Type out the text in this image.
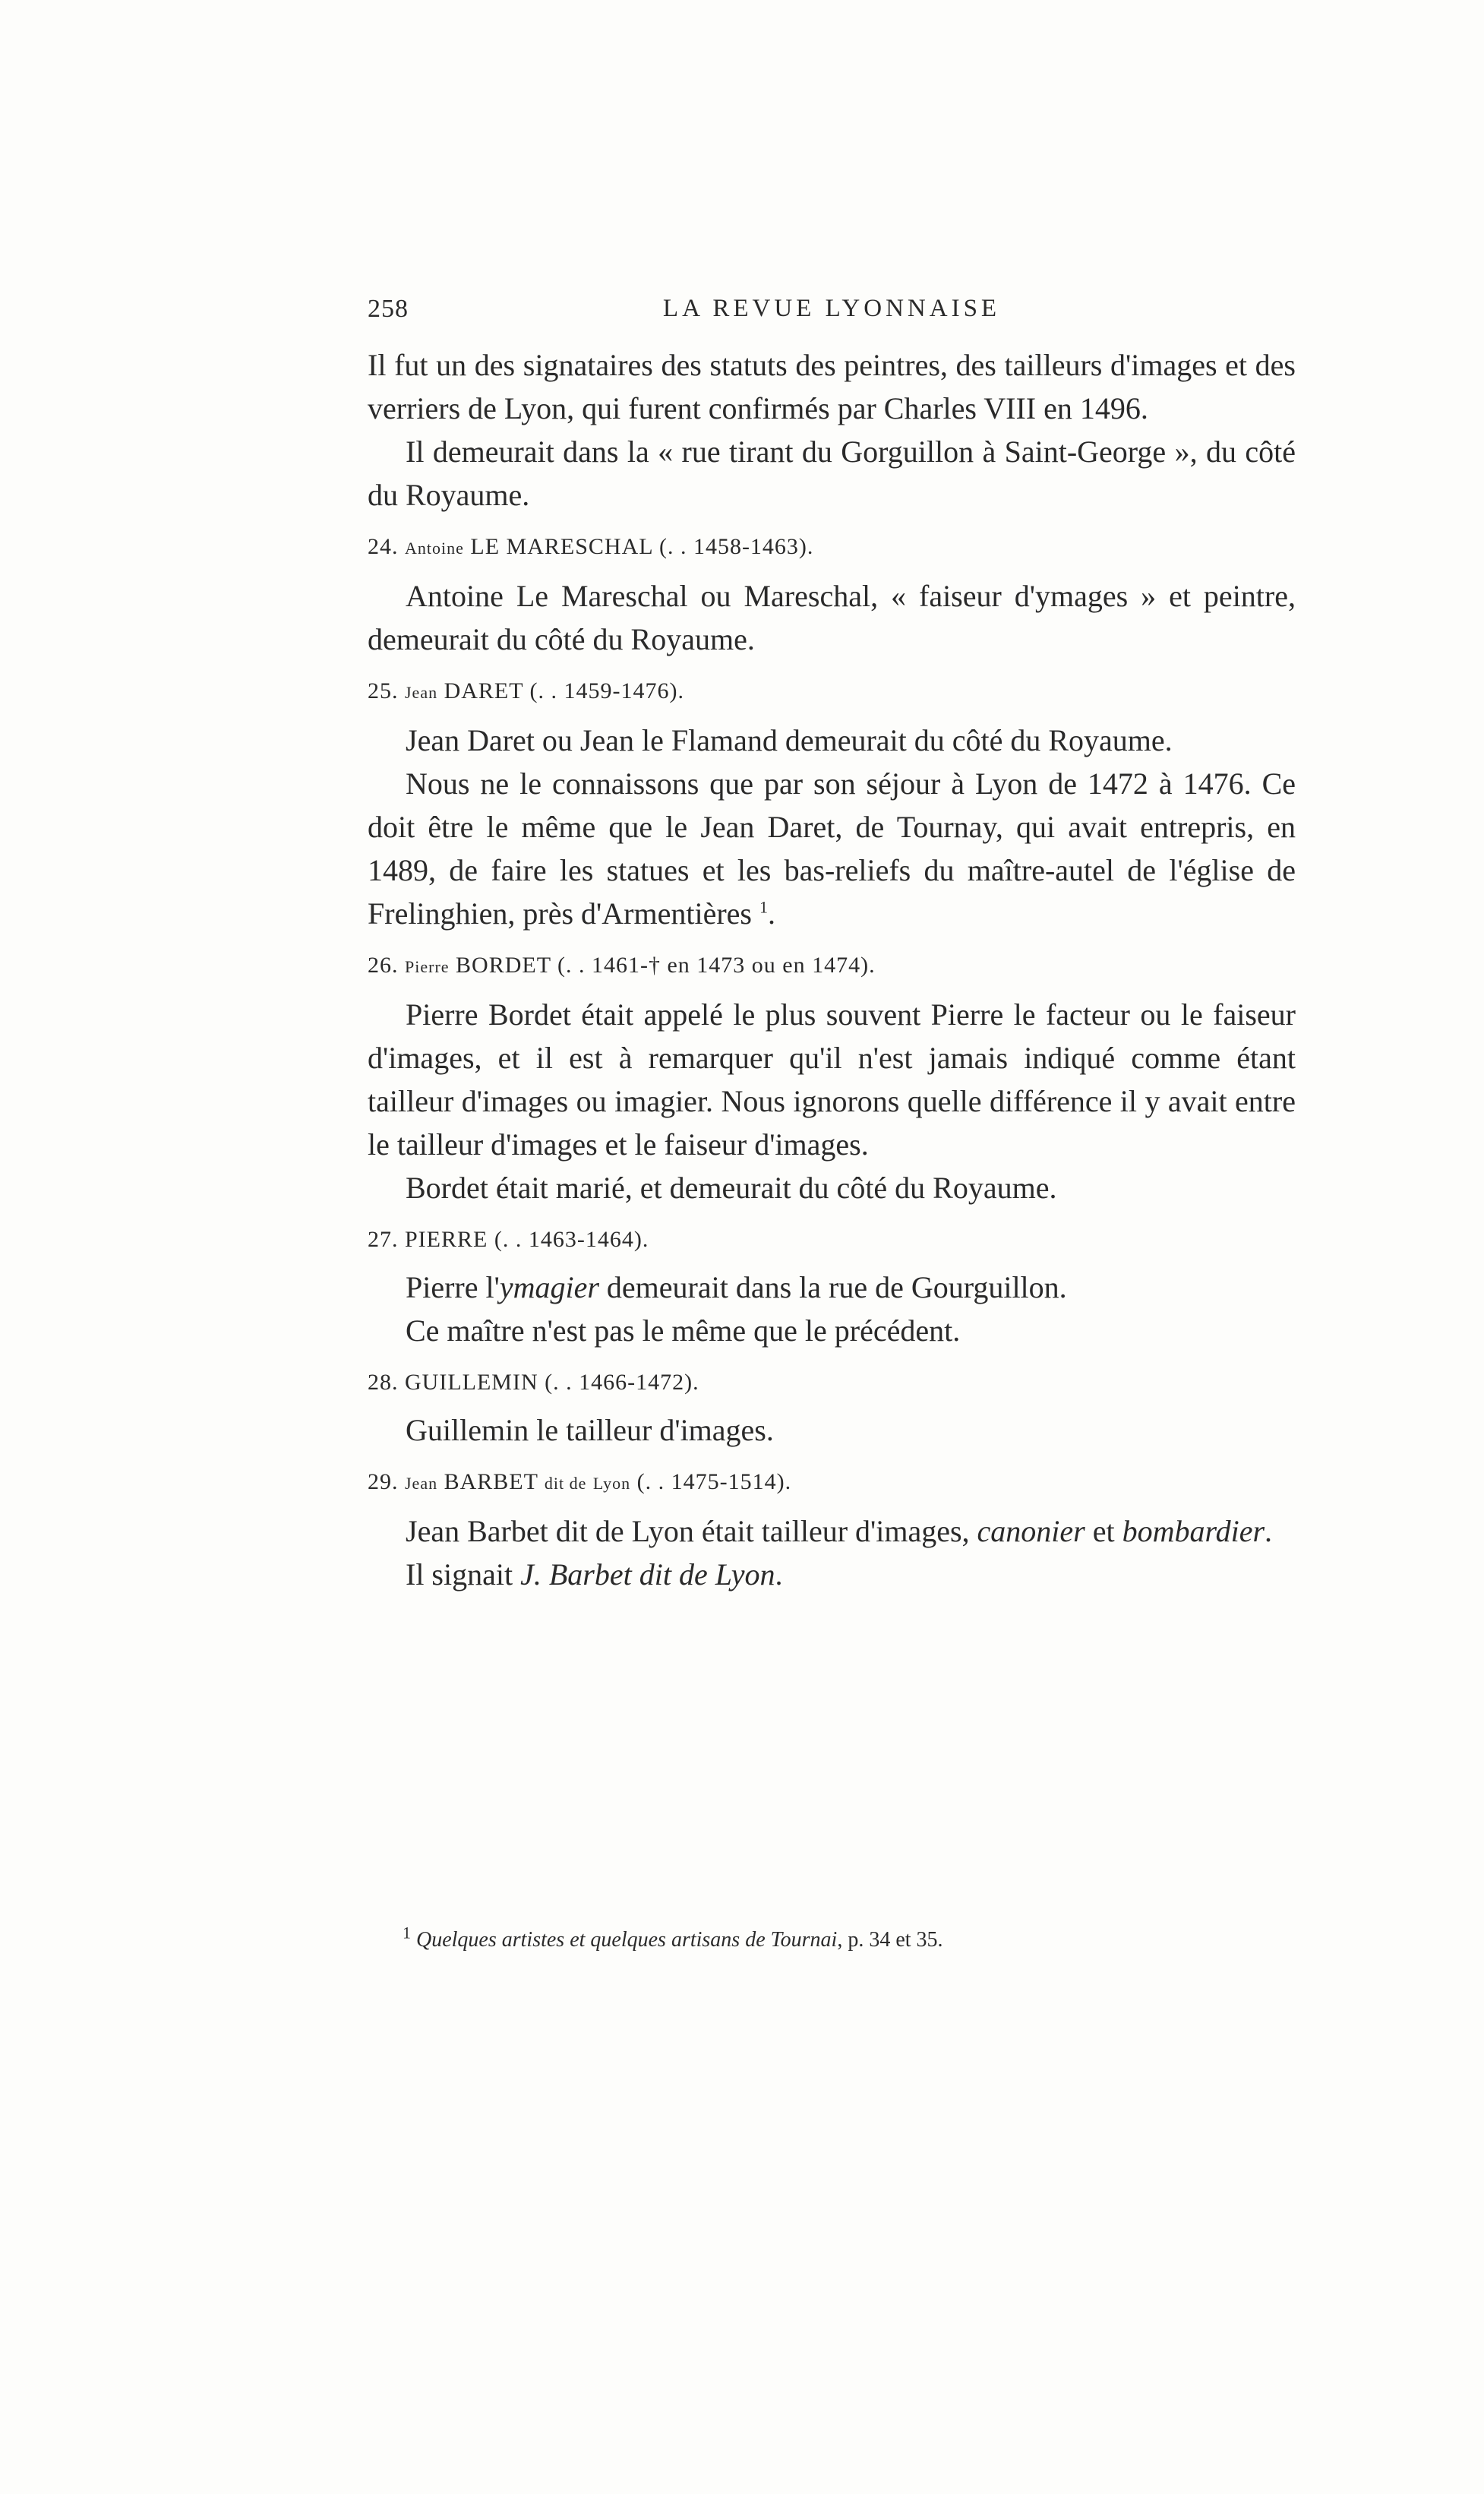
258	LA REVUE LYONNAISE

Il fut un des signataires des statuts des peintres, des tailleurs d'images et des verriers de Lyon, qui furent confirmés par Charles VIII en 1496.

Il demeurait dans la « rue tirant du Gorguillon à Saint-George », du côté du Royaume.

24. Antoine LE MARESCHAL (. . 1458-1463).

Antoine Le Mareschal ou Mareschal, « faiseur d'ymages » et peintre, demeurait du côté du Royaume.

25. Jean DARET (. . 1459-1476).

Jean Daret ou Jean le Flamand demeurait du côté du Royaume.

Nous ne le connaissons que par son séjour à Lyon de 1472 à 1476. Ce doit être le même que le Jean Daret, de Tournay, qui avait entrepris, en 1489, de faire les statues et les bas-reliefs du maître-autel de l'église de Frelinghien, près d'Armentières $^1$.

26. Pierre BORDET (. . 1461-† en 1473 ou en 1474).

Pierre Bordet était appelé le plus souvent Pierre le facteur ou le faiseur d'images, et il est à remarquer qu'il n'est jamais indiqué comme étant tailleur d'images ou imagier. Nous ignorons quelle différence il y avait entre le tailleur d'images et le faiseur d'images.

Bordet était marié, et demeurait du côté du Royaume.

27. PIERRE (. . 1463-1464).

Pierre l'ymagier demeurait dans la rue de Gourguillon.

Ce maître n'est pas le même que le précédent.

28. GUILLEMIN (. . 1466-1472).

Guillemin le tailleur d'images.

29. Jean BARBET dit de Lyon (. . 1475-1514).

Jean Barbet dit de Lyon était tailleur d'images, canonier et bombardier.

Il signait J. Barbet dit de Lyon.

$^1$ Quelques artistes et quelques artisans de Tournai, p. 34 et 35.
